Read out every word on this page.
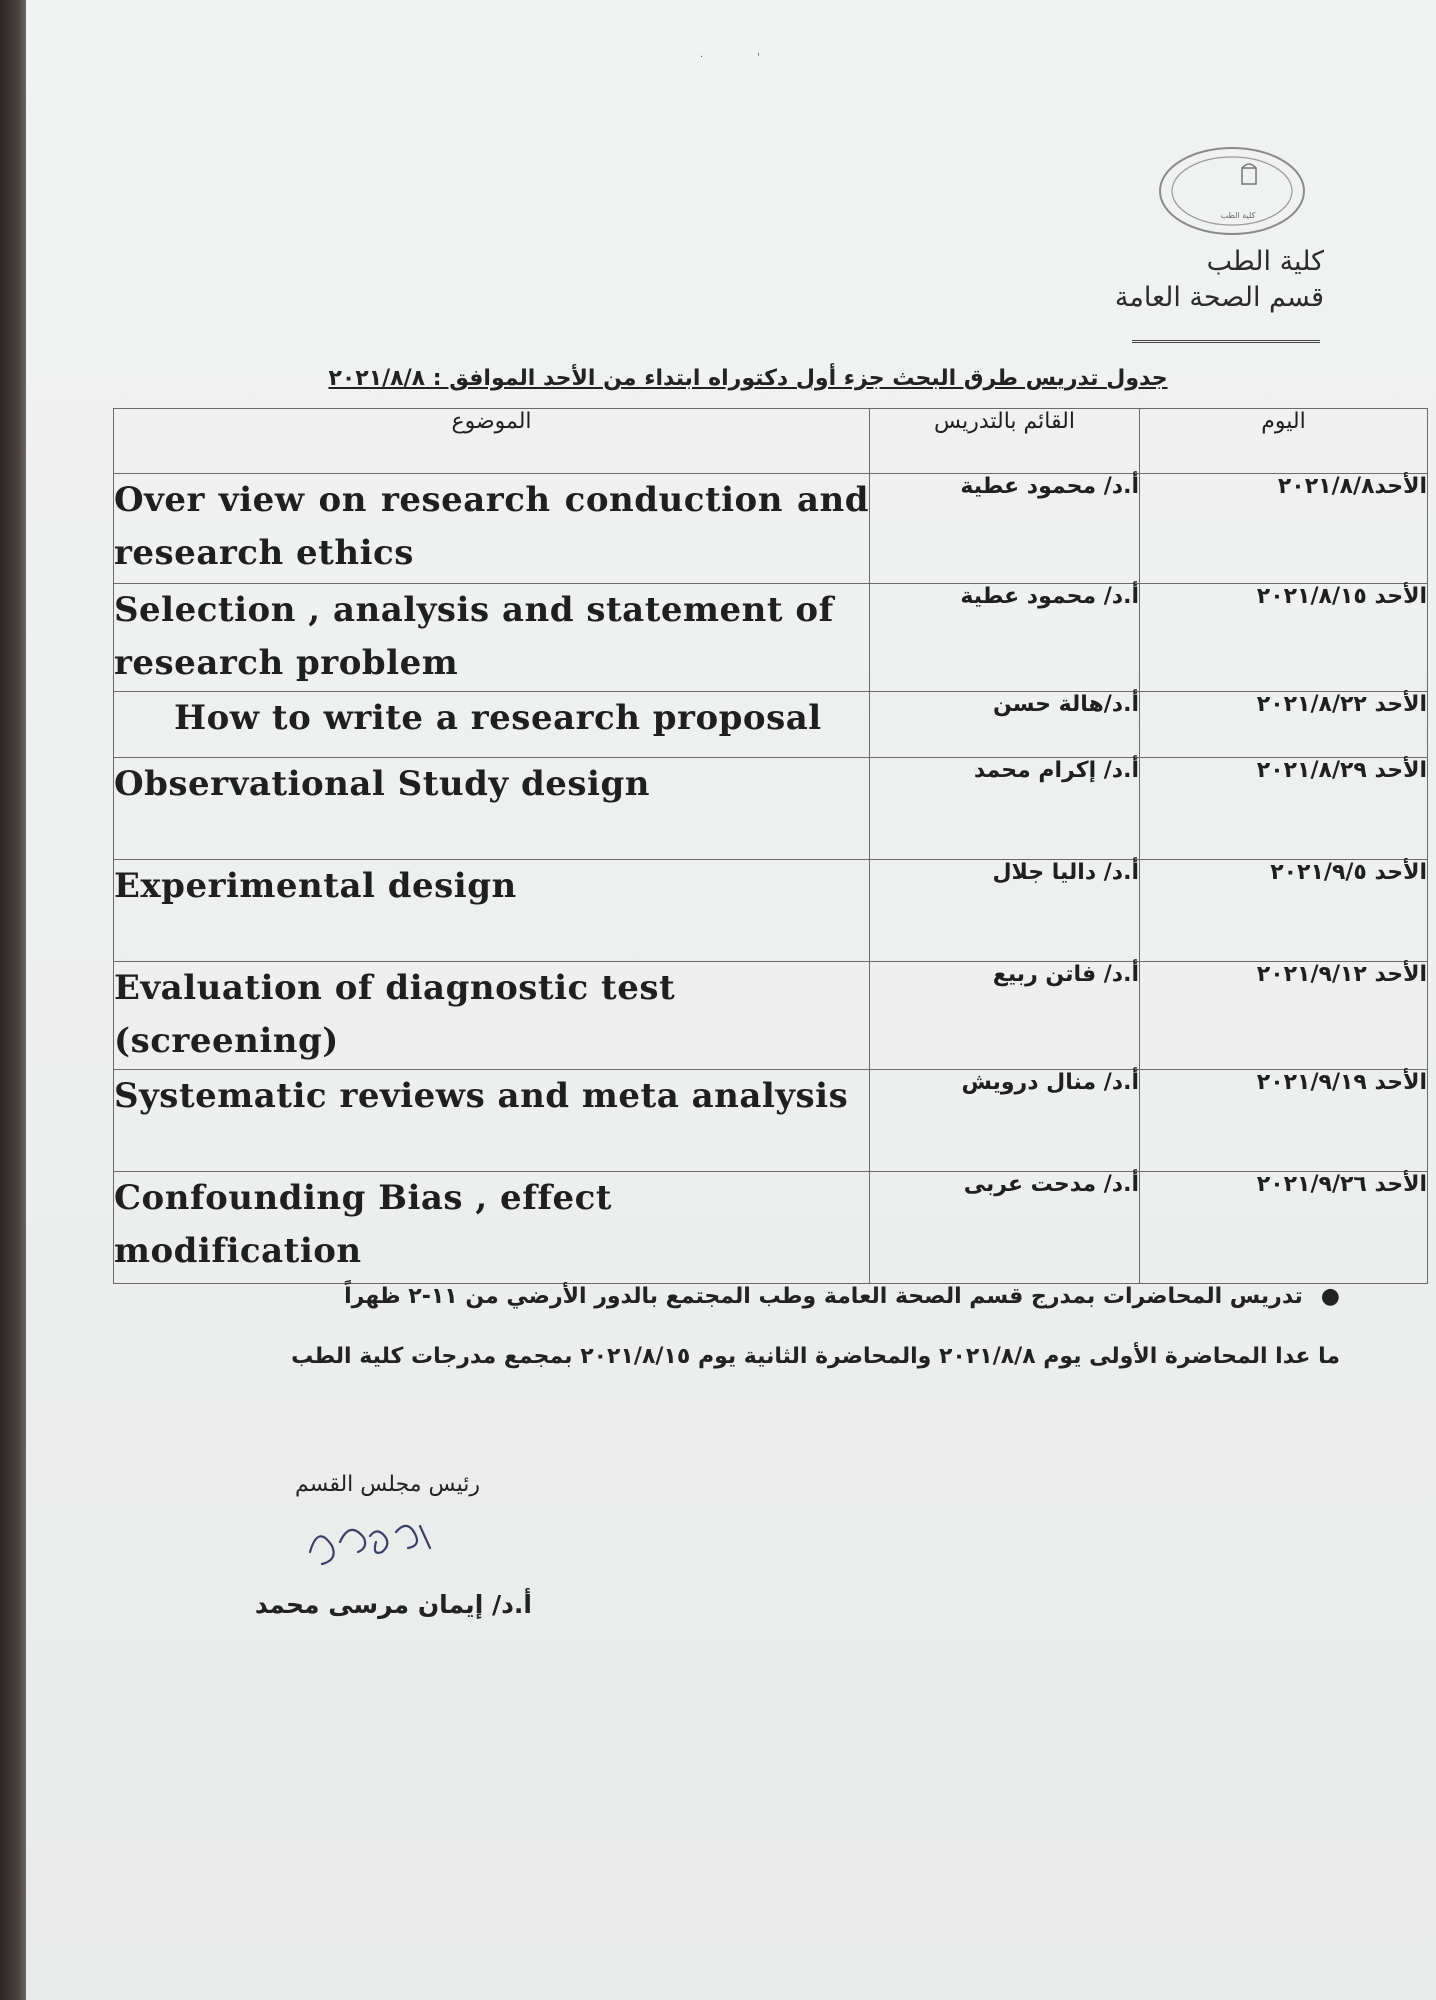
·                 '
كلية الطب
كلية الطب
قسم الصحة العامة
جدول تدريس طرق البحث جزء أول دكتوراه ابتداء من الأحد الموافق : ٢٠٢١/٨/٨
الموضوع	القائم بالتدريس	اليوم
Over view on research conduction and research ethics	أ.د/ محمود عطية	الأحد٢٠٢١/٨/٨
Selection , analysis and statement of research problem	أ.د/ محمود عطية	الأحد ٢٠٢١/٨/١٥
How to write a research proposal	أ.د/هالة حسن	الأحد ٢٠٢١/٨/٢٢
Observational Study design	أ.د/ إكرام محمد	الأحد ٢٠٢١/٨/٢٩
Experimental design	أ.د/ داليا جلال	الأحد ٢٠٢١/٩/٥
Evaluation of diagnostic test (screening)	أ.د/ فاتن ربيع	الأحد ٢٠٢١/٩/١٢
Systematic reviews and meta analysis	أ.د/ منال درويش	الأحد ٢٠٢١/٩/١٩
Confounding Bias , effect modification	أ.د/ مدحت عربى	الأحد ٢٠٢١/٩/٢٦
●تدريس المحاضرات بمدرج قسم الصحة العامة وطب المجتمع بالدور الأرضي من ١١-٢ ظهراً
ما عدا المحاضرة الأولى يوم ٢٠٢١/٨/٨ والمحاضرة الثانية يوم ٢٠٢١/٨/١٥ بمجمع مدرجات كلية الطب
رئيس مجلس القسم
أ.د/ إيمان مرسى محمد
